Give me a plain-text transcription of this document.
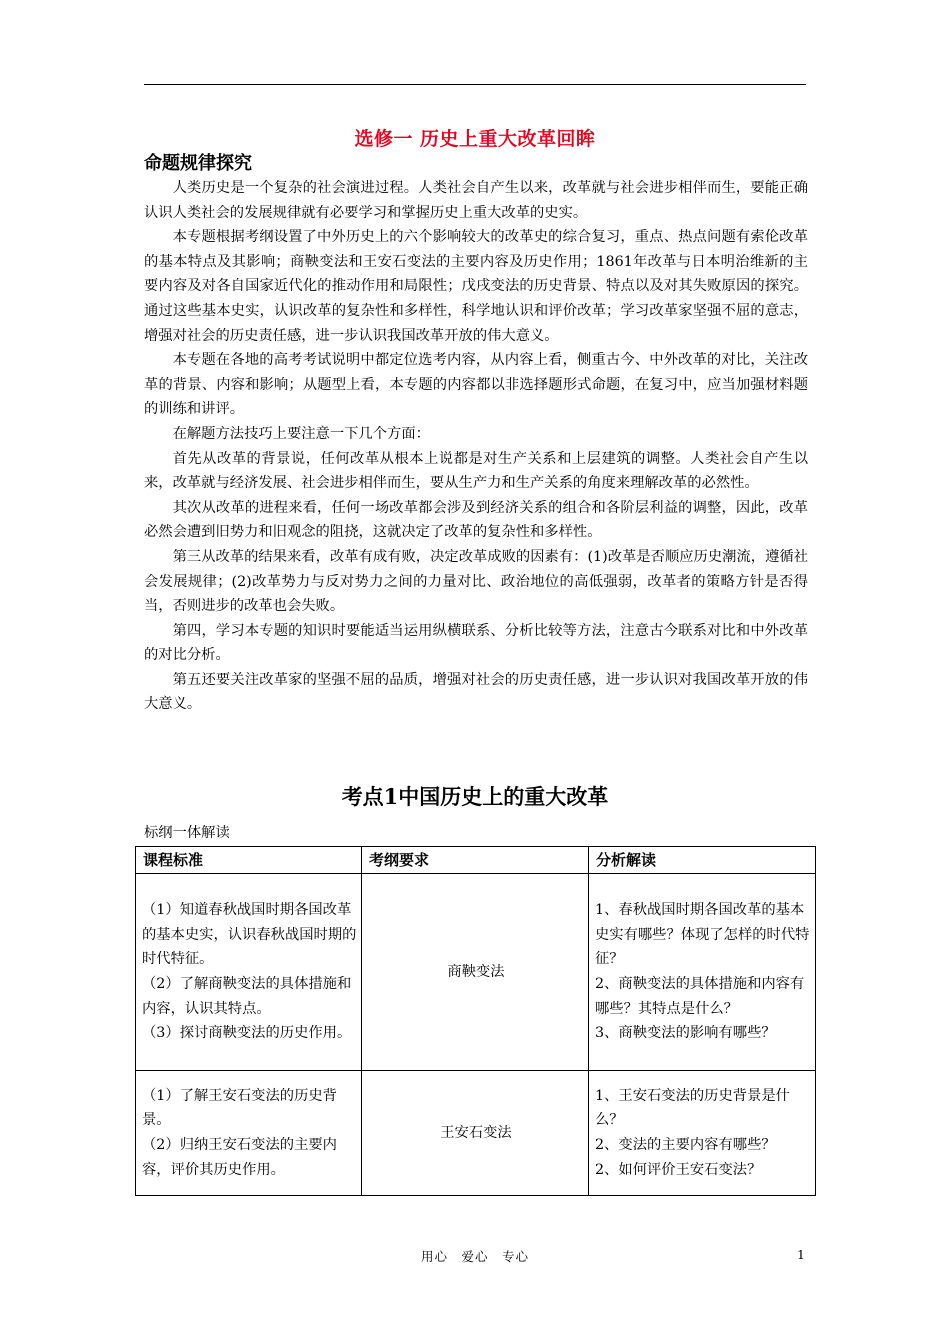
选修一 历史上重大改革回眸
命题规律探究

人类历史是一个复杂的社会演进过程。人类社会自产生以来，改革就与社会进步相伴而生，要能正确认识人类社会的发展规律就有必要学习和掌握历史上重大改革的史实。

本专题根据考纲设置了中外历史上的六个影响较大的改革史的综合复习，重点、热点问题有索伦改革的基本特点及其影响；商鞅变法和王安石变法的主要内容及历史作用；1861年改革与日本明治维新的主要内容及对各自国家近代化的推动作用和局限性；戊戌变法的历史背景、特点以及对其失败原因的探究。通过这些基本史实，认识改革的复杂性和多样性，科学地认识和评价改革；学习改革家坚强不屈的意志，增强对社会的历史责任感，进一步认识我国改革开放的伟大意义。

本专题在各地的高考考试说明中都定位选考内容，从内容上看，侧重古今、中外改革的对比，关注改革的背景、内容和影响；从题型上看，本专题的内容都以非选择题形式命题，在复习中，应当加强材料题的训练和讲评。

在解题方法技巧上要注意一下几个方面：

首先从改革的背景说，任何改革从根本上说都是对生产关系和上层建筑的调整。人类社会自产生以来，改革就与经济发展、社会进步相伴而生，要从生产力和生产关系的角度来理解改革的必然性。

其次从改革的进程来看，任何一场改革都会涉及到经济关系的组合和各阶层利益的调整，因此，改革必然会遭到旧势力和旧观念的阻挠，这就决定了改革的复杂性和多样性。

第三从改革的结果来看，改革有成有败，决定改革成败的因素有：(1)改革是否顺应历史潮流，遵循社会发展规律；(2)改革势力与反对势力之间的力量对比、政治地位的高低强弱，改革者的策略方针是否得当，否则进步的改革也会失败。

第四，学习本专题的知识时要能适当运用纵横联系、分析比较等方法，注意古今联系对比和中外改革的对比分析。

第五还要关注改革家的坚强不屈的品质，增强对社会的历史责任感，进一步认识对我国改革开放的伟大意义。

考点1中国历史上的重大改革
标纲一体解读
课程标准	考纲要求	分析解读

（1）知道春秋战国时期各国改革的基本史实，认识春秋战国时期的时代特征。
（2）了解商鞅变法的具体措施和内容，认识其特点。
（3）探讨商鞅变法的历史作用。	商鞅变法	1、春秋战国时期各国改革的基本史实有哪些？体现了怎样的时代特征？
2、商鞅变法的具体措施和内容有哪些？其特点是什么？
3、商鞅变法的影响有哪些？

（1）了解王安石变法的历史背景。
（2）归纳王安石变法的主要内容，评价其历史作用。	王安石变法	1、王安石变法的历史背景是什么？
2、变法的主要内容有哪些？
2、如何评价王安石变法？
用心　爱心　专心	1
